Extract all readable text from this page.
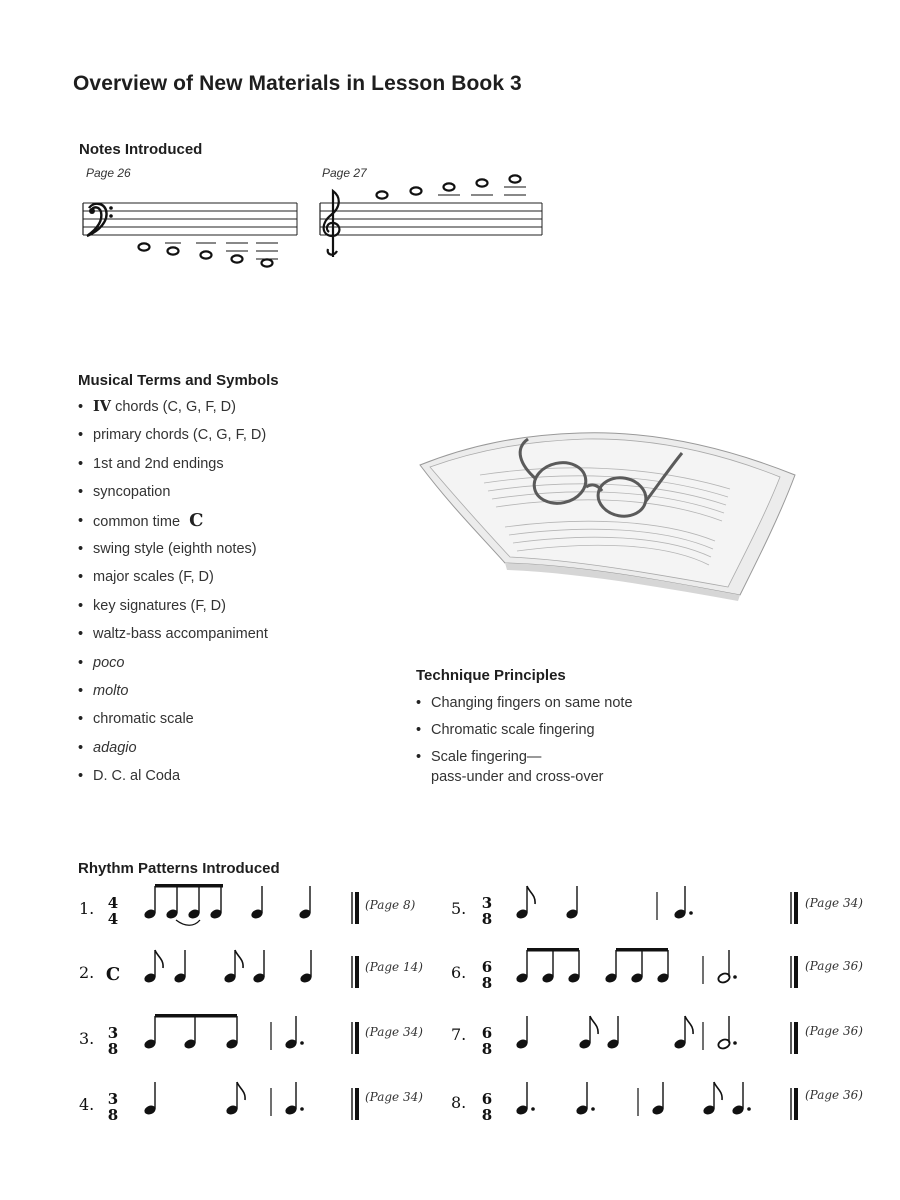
Overview of New Materials in Lesson Book 3
Notes Introduced
Page 26	Page 27
Musical Terms and Symbols
• IV chords (C, G, F, D)
• primary chords (C, G, F, D)
• 1st and 2nd endings
• syncopation
• common time C
• swing style (eighth notes)
• major scales (F, D)
• key signatures (F, D)
• waltz-bass accompaniment
• poco
• molto
• chromatic scale
• adagio
• D. C. al Coda
Technique Principles
• Changing fingers on same note
• Chromatic scale fingering
• Scale fingering—
pass-under and cross-over
Rhythm Patterns Introduced
1. 4
4
(Page 8)
2. C	(Page 14)
3. 3
8
(Page 34)
4. 3
8
(Page 34)
5. 3
8
(Page 34)
6. 6
8
(Page 36)
7. 6
8
(Page 36)
8. 6
8
(Page 36)
